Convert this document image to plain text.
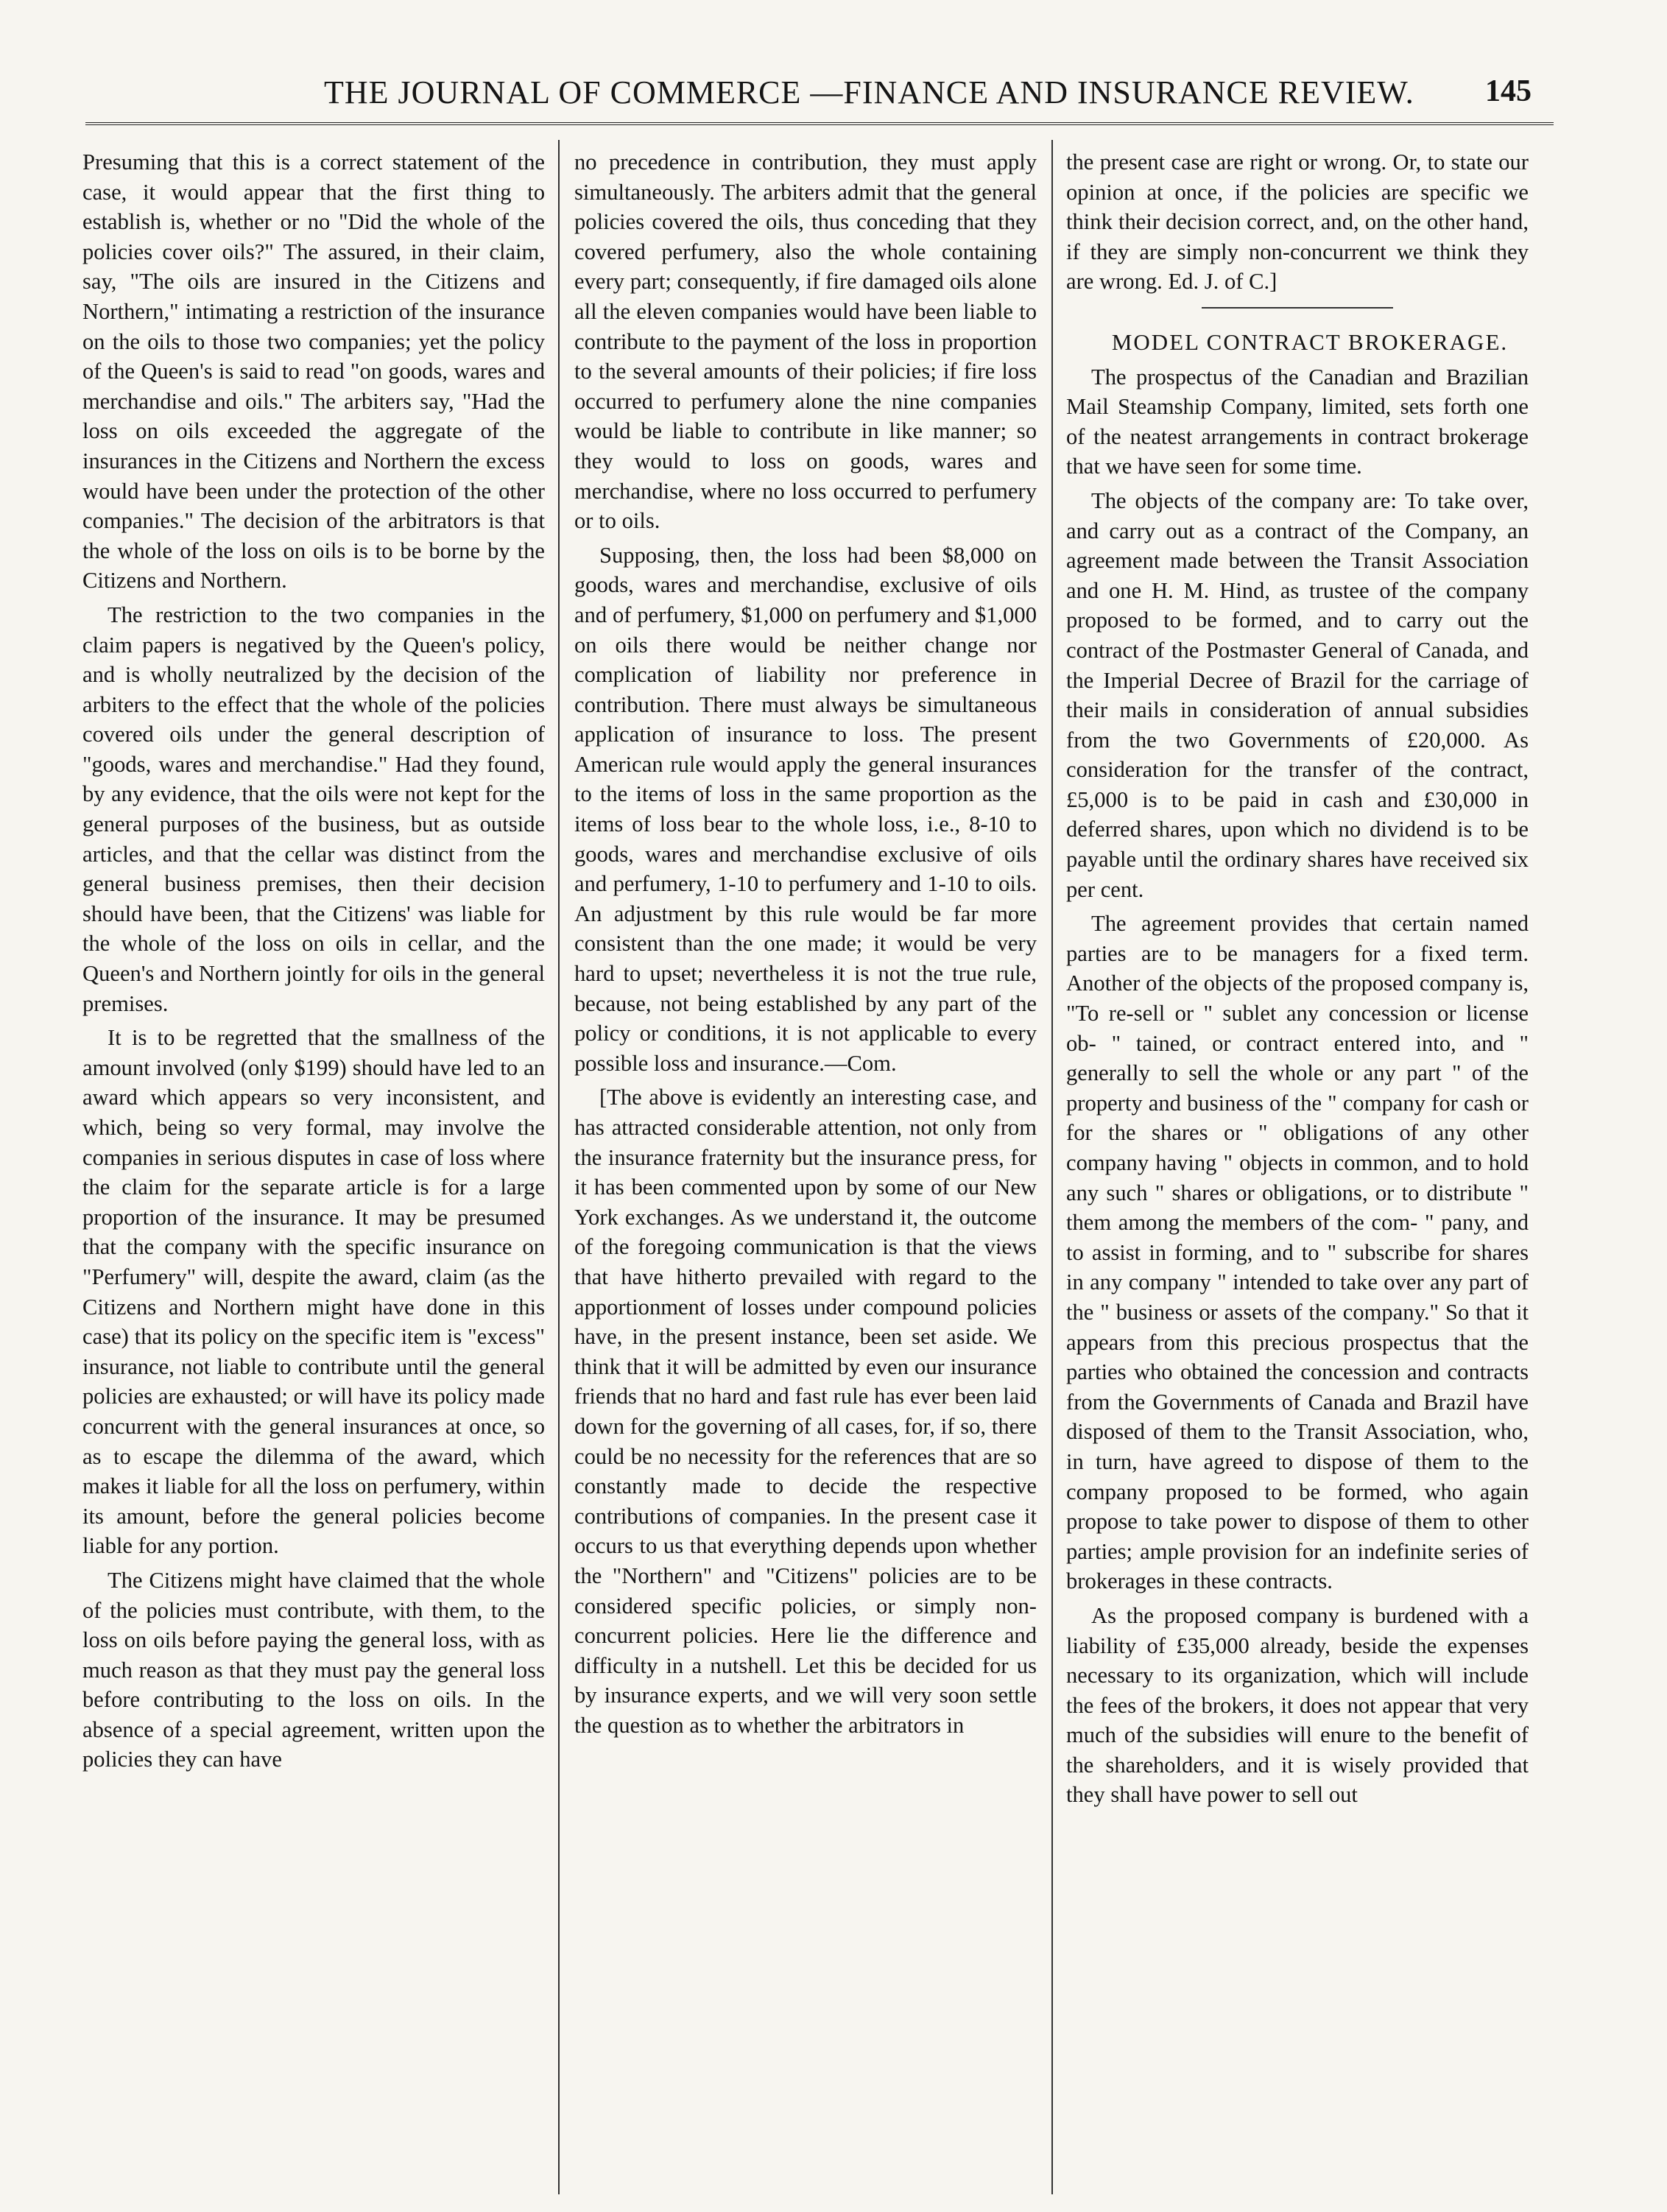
THE JOURNAL OF COMMERCE —FINANCE AND INSURANCE REVIEW.	145

Presuming that this is a correct statement of the case, it would appear that the first thing to establish is, whether or no "Did the whole of the policies cover oils?" The assured, in their claim, say, "The oils are insured in the Citizens and Northern," intimating a restriction of the insurance on the oils to those two companies; yet the policy of the Queen's is said to read "on goods, wares and merchandise and oils." The arbiters say, "Had the loss on oils exceeded the aggregate of the insurances in the Citizens and Northern the excess would have been under the protection of the other companies." The decision of the arbitrators is that the whole of the loss on oils is to be borne by the Citizens and Northern.

The restriction to the two companies in the claim papers is negatived by the Queen's policy, and is wholly neutralized by the decision of the arbiters to the effect that the whole of the policies covered oils under the general description of "goods, wares and merchandise." Had they found, by any evidence, that the oils were not kept for the general purposes of the business, but as outside articles, and that the cellar was distinct from the general business premises, then their decision should have been, that the Citizens' was liable for the whole of the loss on oils in cellar, and the Queen's and Northern jointly for oils in the general premises.

It is to be regretted that the smallness of the amount involved (only $199) should have led to an award which appears so very inconsistent, and which, being so very formal, may involve the companies in serious disputes in case of loss where the claim for the separate article is for a large proportion of the insurance. It may be presumed that the company with the specific insurance on "Perfumery" will, despite the award, claim (as the Citizens and Northern might have done in this case) that its policy on the specific item is "excess" insurance, not liable to contribute until the general policies are exhausted; or will have its policy made concurrent with the general insurances at once, so as to escape the dilemma of the award, which makes it liable for all the loss on perfumery, within its amount, before the general policies become liable for any portion.

The Citizens might have claimed that the whole of the policies must contribute, with them, to the loss on oils before paying the general loss, with as much reason as that they must pay the general loss before contributing to the loss on oils. In the absence of a special agreement, written upon the policies they can have

no precedence in contribution, they must apply simultaneously. The arbiters admit that the general policies covered the oils, thus conceding that they covered perfumery, also the whole containing every part; consequently, if fire damaged oils alone all the eleven companies would have been liable to contribute to the payment of the loss in proportion to the several amounts of their policies; if fire loss occurred to perfumery alone the nine companies would be liable to contribute in like manner; so they would to loss on goods, wares and merchandise, where no loss occurred to perfumery or to oils.

Supposing, then, the loss had been $8,000 on goods, wares and merchandise, exclusive of oils and of perfumery, $1,000 on perfumery and $1,000 on oils there would be neither change nor complication of liability nor preference in contribution. There must always be simultaneous application of insurance to loss. The present American rule would apply the general insurances to the items of loss in the same proportion as the items of loss bear to the whole loss, i.e., 8-10 to goods, wares and merchandise exclusive of oils and perfumery, 1-10 to perfumery and 1-10 to oils. An adjustment by this rule would be far more consistent than the one made; it would be very hard to upset; nevertheless it is not the true rule, because, not being established by any part of the policy or conditions, it is not applicable to every possible loss and insurance.—Com.

[The above is evidently an interesting case, and has attracted considerable attention, not only from the insurance fraternity but the insurance press, for it has been commented upon by some of our New York exchanges. As we understand it, the outcome of the foregoing communication is that the views that have hitherto prevailed with regard to the apportionment of losses under compound policies have, in the present instance, been set aside. We think that it will be admitted by even our insurance friends that no hard and fast rule has ever been laid down for the governing of all cases, for, if so, there could be no necessity for the references that are so constantly made to decide the respective contributions of companies. In the present case it occurs to us that everything depends upon whether the "Northern" and "Citizens" policies are to be considered specific policies, or simply non-concurrent policies. Here lie the difference and difficulty in a nutshell. Let this be decided for us by insurance experts, and we will very soon settle the question as to whether the arbitrators in

the present case are right or wrong. Or, to state our opinion at once, if the policies are specific we think their decision correct, and, on the other hand, if they are simply non-concurrent we think they are wrong. Ed. J. of C.]

MODEL CONTRACT BROKERAGE.

The prospectus of the Canadian and Brazilian Mail Steamship Company, limited, sets forth one of the neatest arrangements in contract brokerage that we have seen for some time.

The objects of the company are: To take over, and carry out as a contract of the Company, an agreement made between the Transit Association and one H. M. Hind, as trustee of the company proposed to be formed, and to carry out the contract of the Postmaster General of Canada, and the Imperial Decree of Brazil for the carriage of their mails in consideration of annual subsidies from the two Governments of £20,000. As consideration for the transfer of the contract, £5,000 is to be paid in cash and £30,000 in deferred shares, upon which no dividend is to be payable until the ordinary shares have received six per cent.

The agreement provides that certain named parties are to be managers for a fixed term. Another of the objects of the proposed company is, "To re-sell or " sublet any concession or license ob- " tained, or contract entered into, and " generally to sell the whole or any part " of the property and business of the " company for cash or for the shares or " obligations of any other company having " objects in common, and to hold any such " shares or obligations, or to distribute " them among the members of the com- " pany, and to assist in forming, and to " subscribe for shares in any company " intended to take over any part of the " business or assets of the company." So that it appears from this precious prospectus that the parties who obtained the concession and contracts from the Governments of Canada and Brazil have disposed of them to the Transit Association, who, in turn, have agreed to dispose of them to the company proposed to be formed, who again propose to take power to dispose of them to other parties; ample provision for an indefinite series of brokerages in these contracts.

As the proposed company is burdened with a liability of £35,000 already, beside the expenses necessary to its organization, which will include the fees of the brokers, it does not appear that very much of the subsidies will enure to the benefit of the shareholders, and it is wisely provided that they shall have power to sell out
